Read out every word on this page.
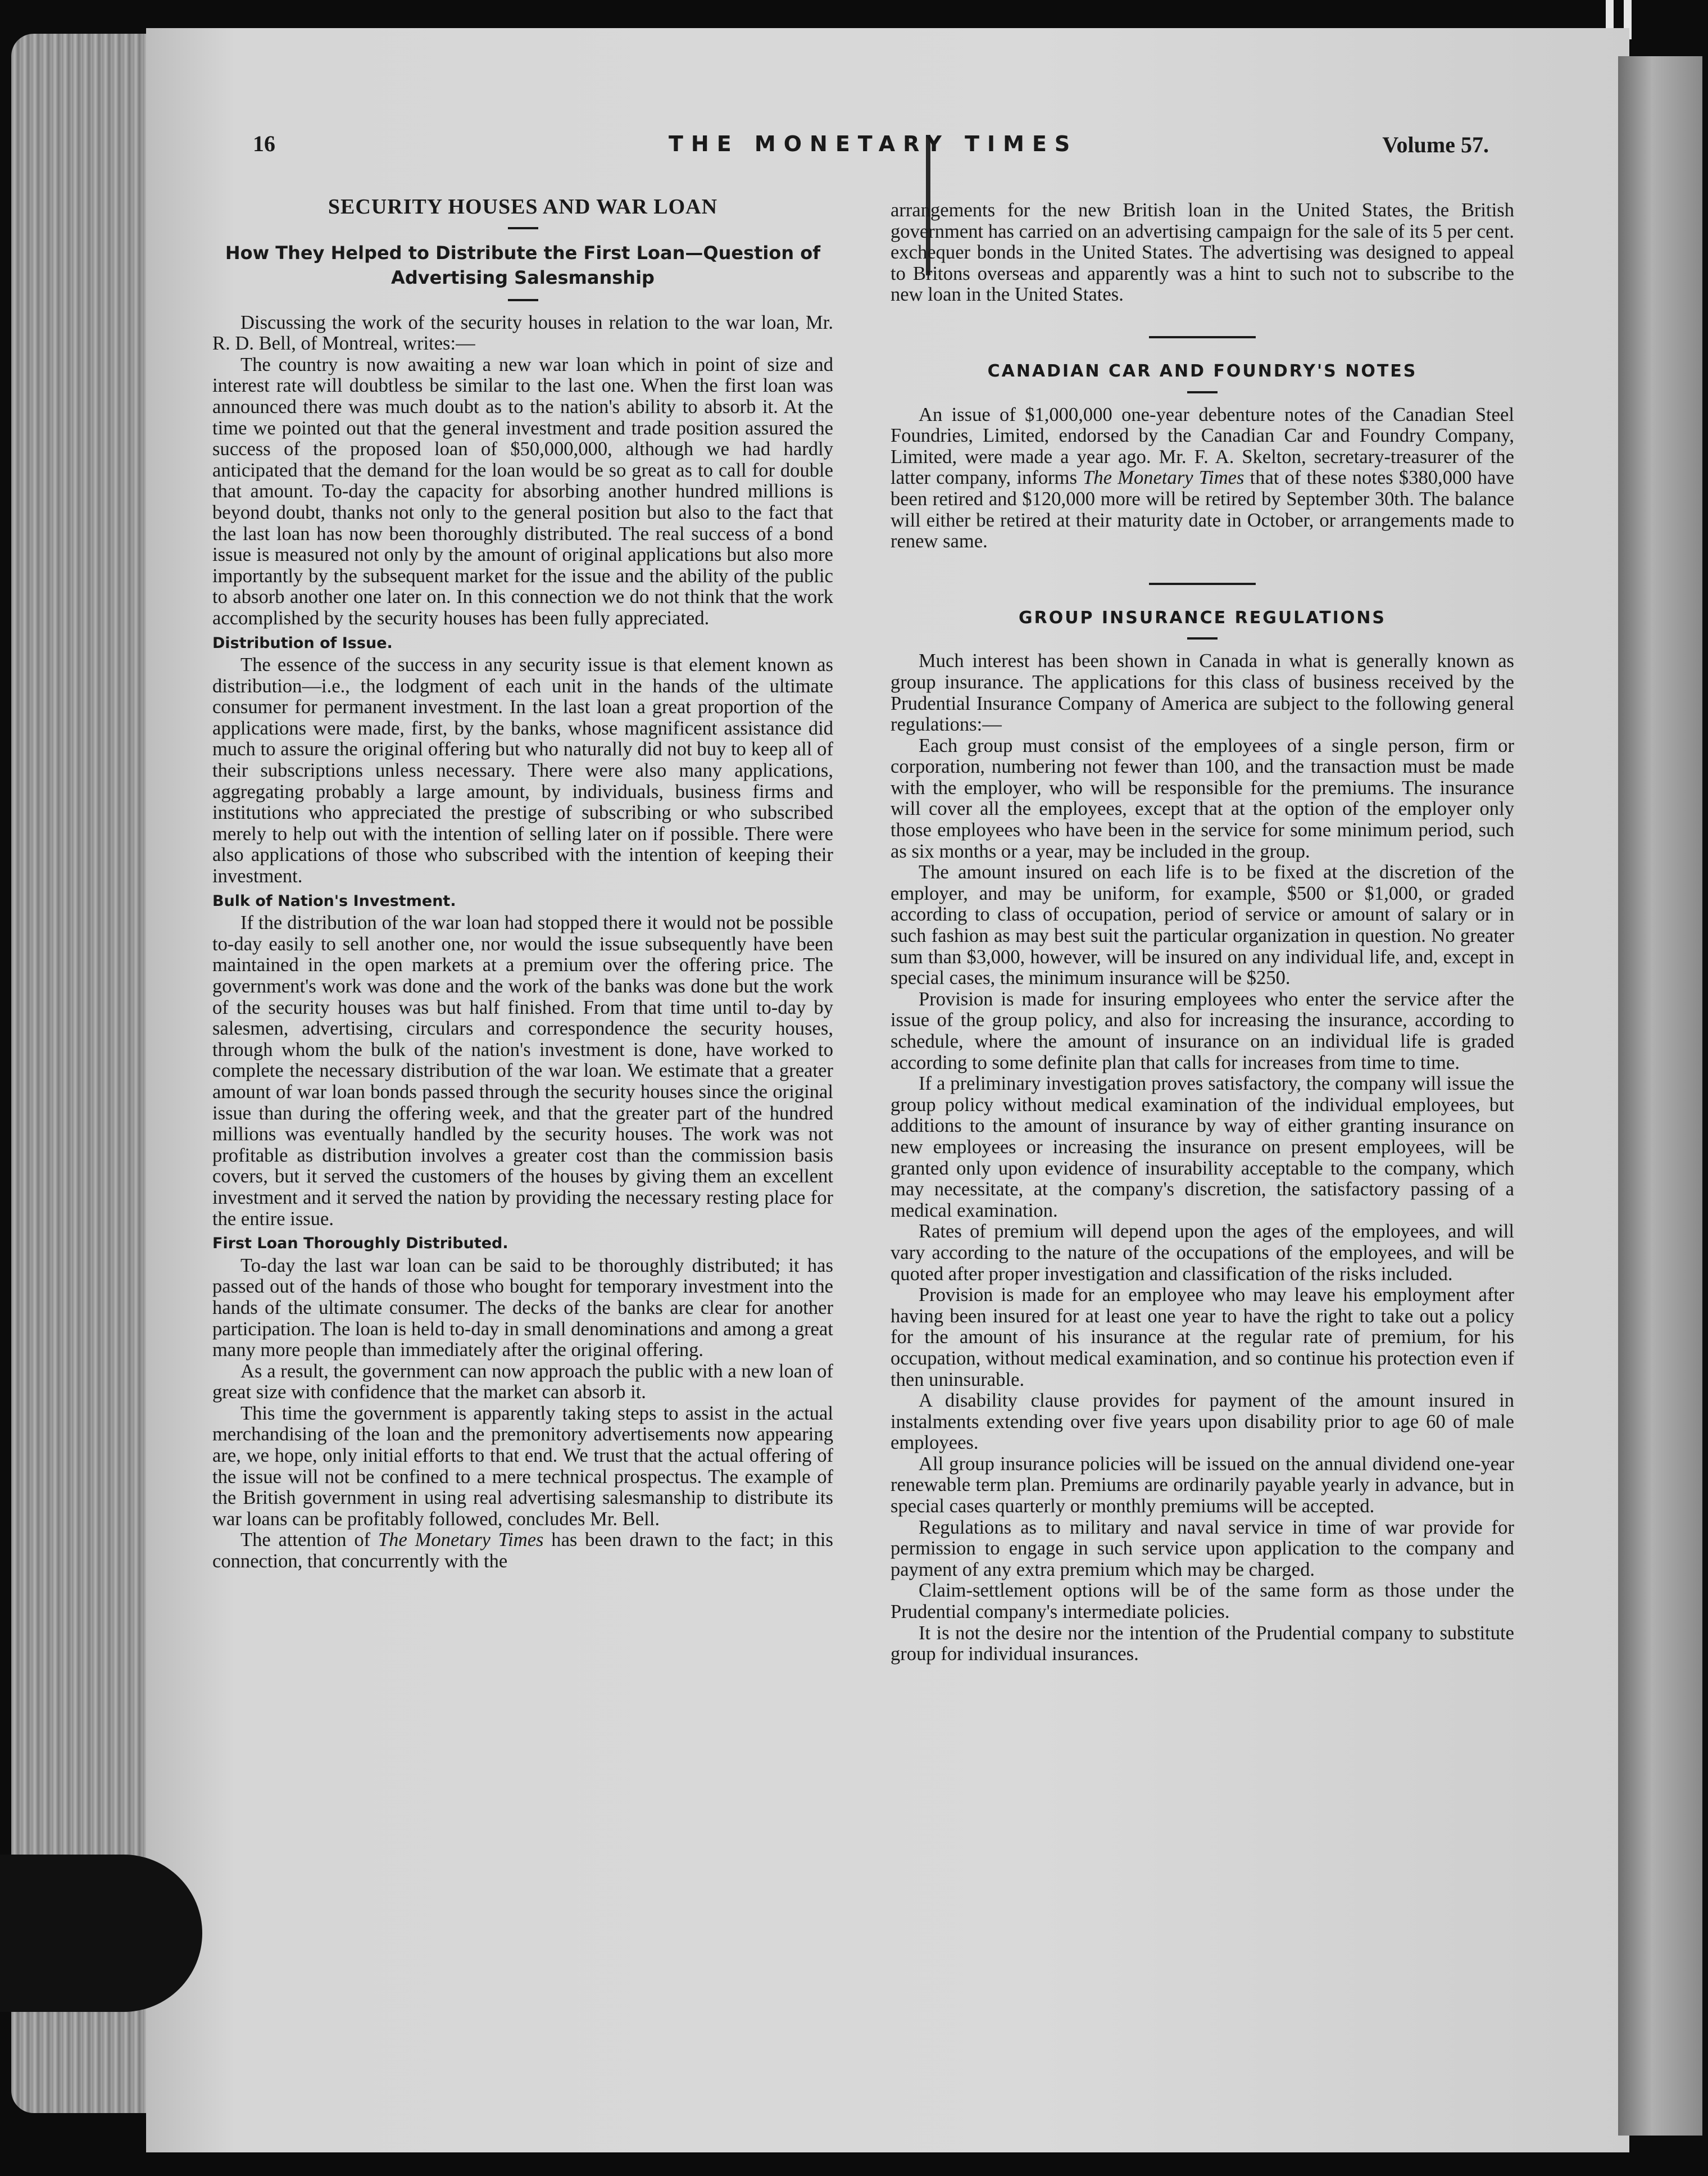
16	THE MONETARY TIMES	Volume 57.
SECURITY HOUSES AND WAR LOAN
How They Helped to Distribute the First Loan—Question of Advertising Salesmanship

Discussing the work of the security houses in relation to the war loan, Mr. R. D. Bell, of Montreal, writes:—

The country is now awaiting a new war loan which in point of size and interest rate will doubtless be similar to the last one. When the first loan was announced there was much doubt as to the nation's ability to absorb it. At the time we pointed out that the general investment and trade position assured the success of the proposed loan of $50,000,000, although we had hardly anticipated that the demand for the loan would be so great as to call for double that amount. To-day the capacity for absorbing another hundred millions is beyond doubt, thanks not only to the general position but also to the fact that the last loan has now been thoroughly distributed. The real success of a bond issue is measured not only by the amount of original applications but also more importantly by the subsequent market for the issue and the ability of the public to absorb another one later on. In this connection we do not think that the work accomplished by the security houses has been fully appreciated.

Distribution of Issue.

The essence of the success in any security issue is that element known as distribution—i.e., the lodgment of each unit in the hands of the ultimate consumer for permanent investment. In the last loan a great proportion of the applications were made, first, by the banks, whose magnificent assistance did much to assure the original offering but who naturally did not buy to keep all of their subscriptions unless necessary. There were also many applications, aggregating probably a large amount, by individuals, business firms and institutions who appreciated the prestige of subscribing or who subscribed merely to help out with the intention of selling later on if possible. There were also applications of those who subscribed with the intention of keeping their investment.

Bulk of Nation's Investment.

If the distribution of the war loan had stopped there it would not be possible to-day easily to sell another one, nor would the issue subsequently have been maintained in the open markets at a premium over the offering price. The government's work was done and the work of the banks was done but the work of the security houses was but half finished. From that time until to-day by salesmen, advertising, circulars and correspondence the security houses, through whom the bulk of the nation's investment is done, have worked to complete the necessary distribution of the war loan. We estimate that a greater amount of war loan bonds passed through the security houses since the original issue than during the offering week, and that the greater part of the hundred millions was eventually handled by the security houses. The work was not profitable as distribution involves a greater cost than the commission basis covers, but it served the customers of the houses by giving them an excellent investment and it served the nation by providing the necessary resting place for the entire issue.

First Loan Thoroughly Distributed.

To-day the last war loan can be said to be thoroughly distributed; it has passed out of the hands of those who bought for temporary investment into the hands of the ultimate consumer. The decks of the banks are clear for another participation. The loan is held to-day in small denominations and among a great many more people than immediately after the original offering.

As a result, the government can now approach the public with a new loan of great size with confidence that the market can absorb it.

This time the government is apparently taking steps to assist in the actual merchandising of the loan and the premonitory advertisements now appearing are, we hope, only initial efforts to that end. We trust that the actual offering of the issue will not be confined to a mere technical prospectus. The example of the British government in using real advertising salesmanship to distribute its war loans can be profitably followed, concludes Mr. Bell.

The attention of The Monetary Times has been drawn to the fact; in this connection, that concurrently with the

arrangements for the new British loan in the United States, the British government has carried on an advertising campaign for the sale of its 5 per cent. exchequer bonds in the United States. The advertising was designed to appeal to Britons overseas and apparently was a hint to such not to subscribe to the new loan in the United States.

CANADIAN CAR AND FOUNDRY'S NOTES

An issue of $1,000,000 one-year debenture notes of the Canadian Steel Foundries, Limited, endorsed by the Canadian Car and Foundry Company, Limited, were made a year ago. Mr. F. A. Skelton, secretary-treasurer of the latter company, informs The Monetary Times that of these notes $380,000 have been retired and $120,000 more will be retired by September 30th. The balance will either be retired at their maturity date in October, or arrangements made to renew same.

GROUP INSURANCE REGULATIONS

Much interest has been shown in Canada in what is generally known as group insurance. The applications for this class of business received by the Prudential Insurance Company of America are subject to the following general regulations:—

Each group must consist of the employees of a single person, firm or corporation, numbering not fewer than 100, and the transaction must be made with the employer, who will be responsible for the premiums. The insurance will cover all the employees, except that at the option of the employer only those employees who have been in the service for some minimum period, such as six months or a year, may be included in the group.

The amount insured on each life is to be fixed at the discretion of the employer, and may be uniform, for example, $500 or $1,000, or graded according to class of occupation, period of service or amount of salary or in such fashion as may best suit the particular organization in question. No greater sum than $3,000, however, will be insured on any individual life, and, except in special cases, the minimum insurance will be $250.

Provision is made for insuring employees who enter the service after the issue of the group policy, and also for increasing the insurance, according to schedule, where the amount of insurance on an individual life is graded according to some definite plan that calls for increases from time to time.

If a preliminary investigation proves satisfactory, the company will issue the group policy without medical examination of the individual employees, but additions to the amount of insurance by way of either granting insurance on new employees or increasing the insurance on present employees, will be granted only upon evidence of insurability acceptable to the company, which may necessitate, at the company's discretion, the satisfactory passing of a medical examination.

Rates of premium will depend upon the ages of the employees, and will vary according to the nature of the occupations of the employees, and will be quoted after proper investigation and classification of the risks included.

Provision is made for an employee who may leave his employment after having been insured for at least one year to have the right to take out a policy for the amount of his insurance at the regular rate of premium, for his occupation, without medical examination, and so continue his protection even if then uninsurable.

A disability clause provides for payment of the amount insured in instalments extending over five years upon disability prior to age 60 of male employees.

All group insurance policies will be issued on the annual dividend one-year renewable term plan. Premiums are ordinarily payable yearly in advance, but in special cases quarterly or monthly premiums will be accepted.

Regulations as to military and naval service in time of war provide for permission to engage in such service upon application to the company and payment of any extra premium which may be charged.

Claim-settlement options will be of the same form as those under the Prudential company's intermediate policies.

It is not the desire nor the intention of the Prudential company to substitute group for individual insurances.
